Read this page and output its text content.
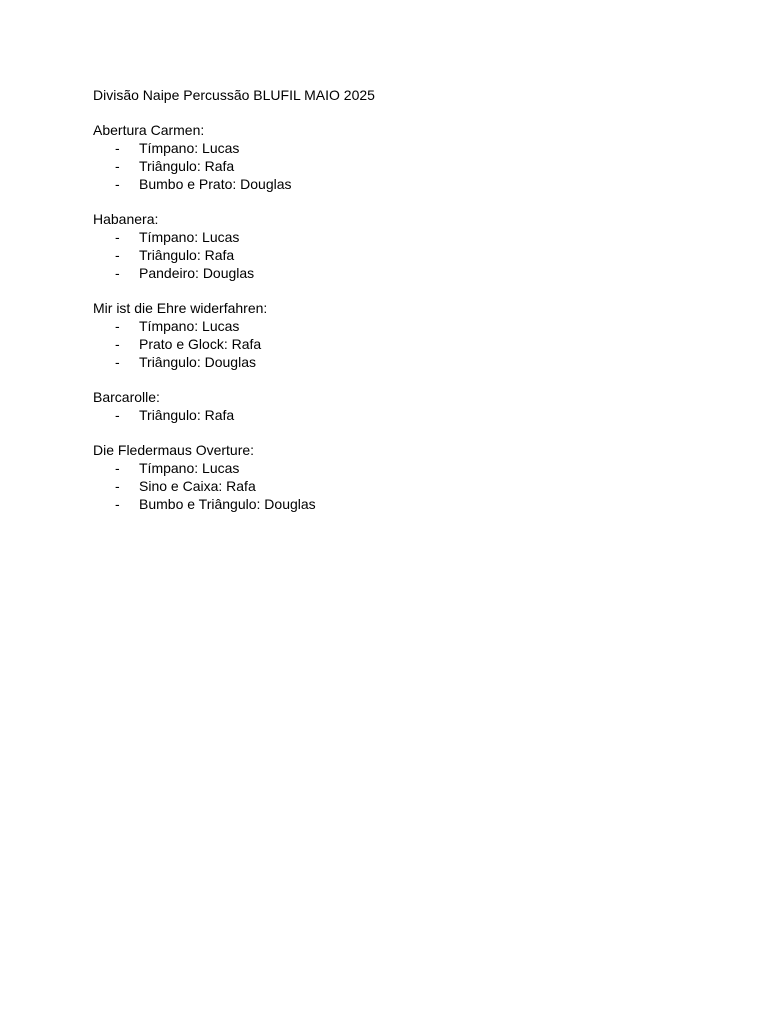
Divisão Naipe Percussão BLUFIL MAIO 2025
Abertura Carmen:
- Tímpano: Lucas
- Triângulo: Rafa
- Bumbo e Prato: Douglas
Habanera:
- Tímpano: Lucas
- Triângulo: Rafa
- Pandeiro: Douglas
Mir ist die Ehre widerfahren:
- Tímpano: Lucas
- Prato e Glock: Rafa
- Triângulo: Douglas
Barcarolle:
- Triângulo: Rafa
Die Fledermaus Overture:
- Tímpano: Lucas
- Sino e Caixa: Rafa
- Bumbo e Triângulo: Douglas
